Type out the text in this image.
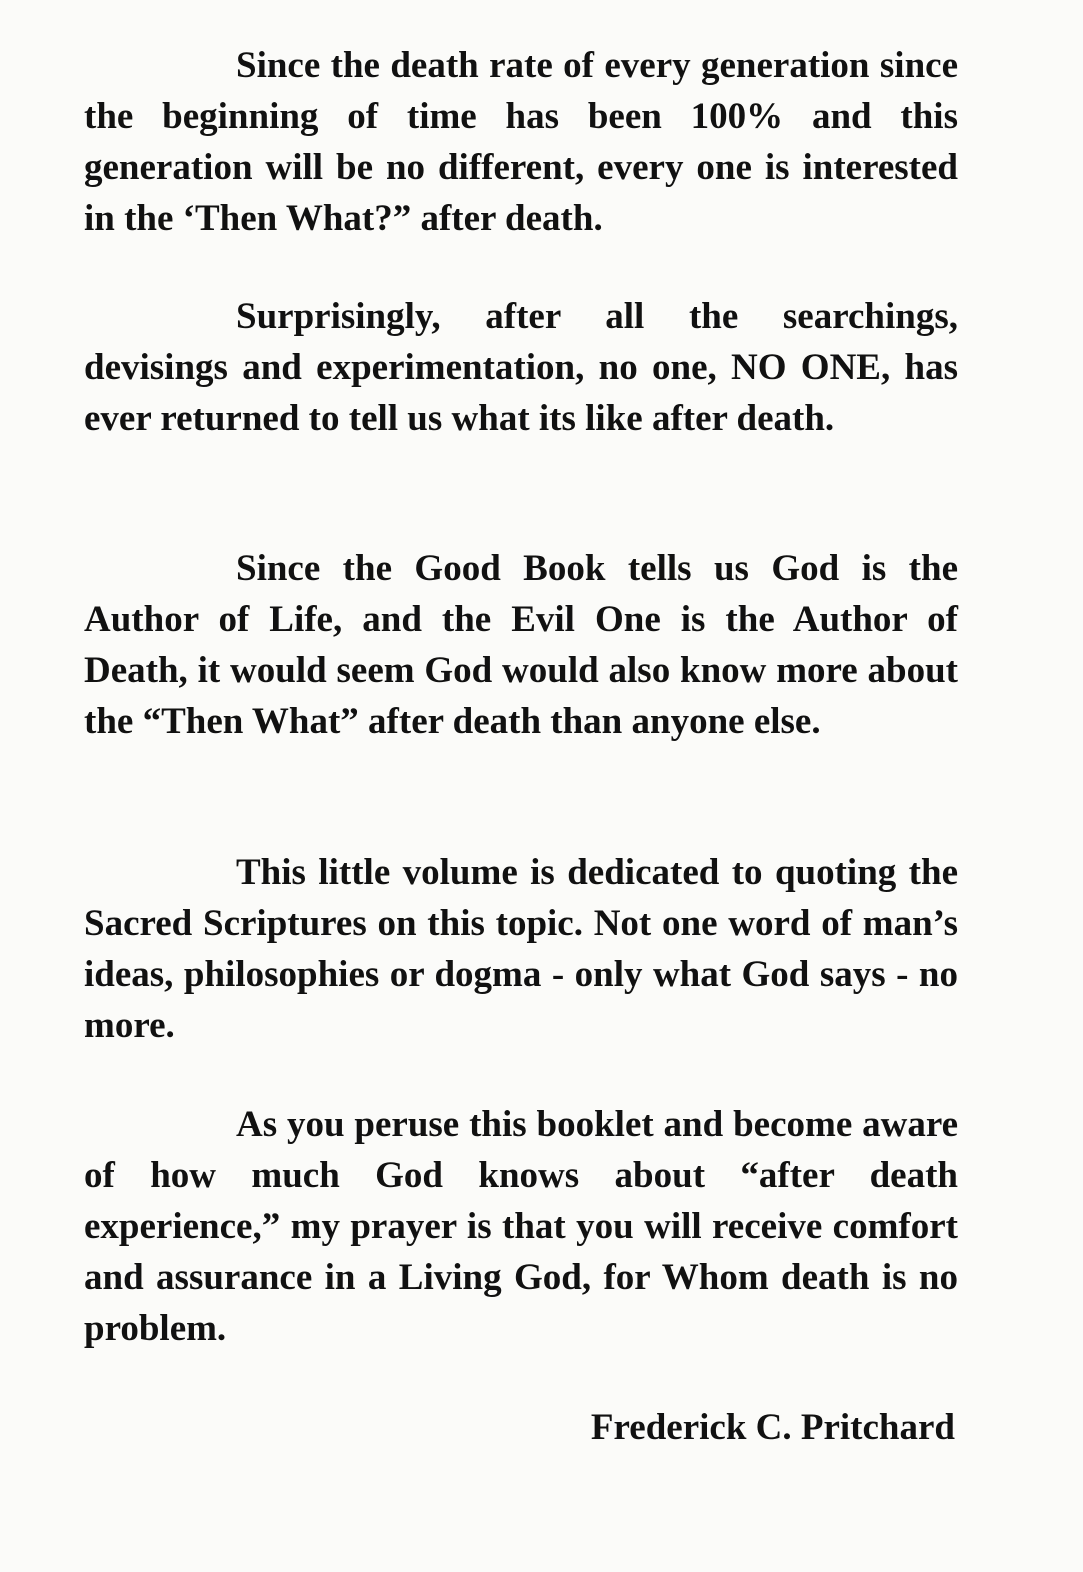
Since the death rate of every generation since the beginning of time has been 100% and this generation will be no different, every one is interested in the ‘Then What?” after death.

Surprisingly, after all the searchings, devisings and experimentation, no one, NO ONE, has ever returned to tell us what its like after death.

Since the Good Book tells us God is the Author of Life, and the Evil One is the Author of Death, it would seem God would also know more about the “Then What” after death than anyone else.

This little volume is dedicated to quoting the Sacred Scriptures on this topic. Not one word of man’s ideas, philosophies or dogma - only what God says - no more.

As you peruse this booklet and become aware of how much God knows about “after death experience,” my prayer is that you will receive comfort and assurance in a Living God, for Whom death is no problem.

Frederick C. Pritchard
